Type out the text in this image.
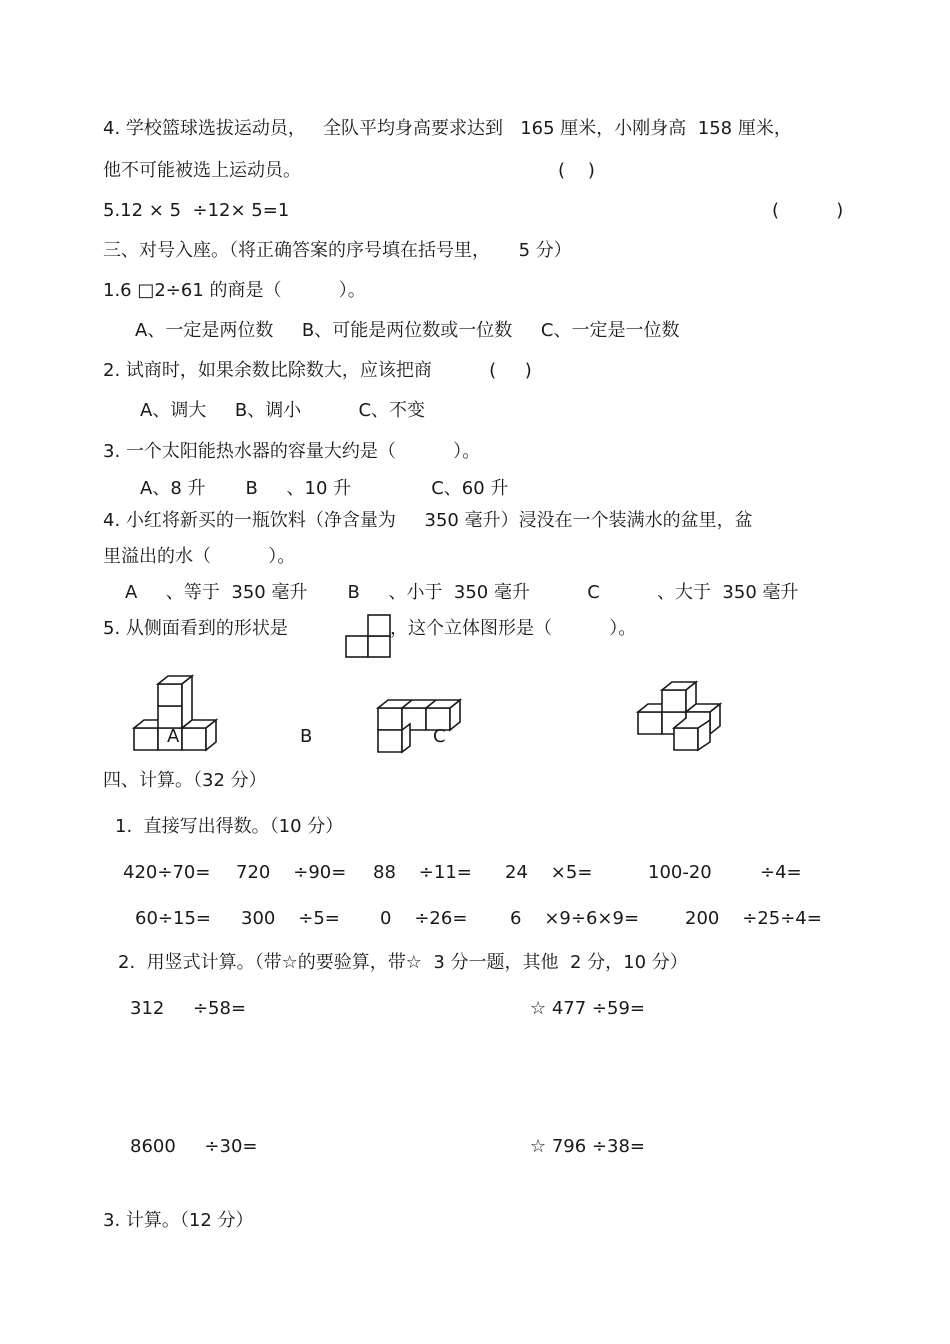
4. 学校篮球选拔运动员，   全队平均身高要求达到   165 厘米，小刚身高  158 厘米，
他不可能被选上运动员。	(    )
5.12 × 5  ÷12× 5=1	(          )
三、对号入座。（将正确答案的序号填在括号里，     5 分）
1.6 □2÷61 的商是（          ）。
A、一定是两位数     B、可能是两位数或一位数     C、一定是一位数
2. 试商时，如果余数比除数大，应该把商          (     )
A、调大     B、调小          C、不变
3. 一个太阳能热水器的容量大约是（          ）。
A、8 升       B     、10 升              C、60 升
4. 小红将新买的一瓶饮料（净含量为     350 毫升）浸没在一个装满水的盆里，盆
里溢出的水（          ）。
A     、等于  350 毫升       B     、小于  350 毫升          C          、大于  350 毫升
5. 从侧面看到的形状是	，这个立体图形是（          ）。
A	B	C
四、计算。（32 分）
1.  直接写出得数。（10 分）
420÷70= 720    ÷90= 88    ÷11= 24    ×5=	100-20	÷4=
60÷15= 300    ÷5= 0    ÷26= 6    ×9÷6×9=	200    ÷25÷4=
2.  用竖式计算。（带☆的要验算，带☆  3 分一题，其他  2 分，10 分）
312     ÷58=	☆ 477 ÷59=
8600     ÷30=	☆ 796 ÷38=
3. 计算。（12 分）
